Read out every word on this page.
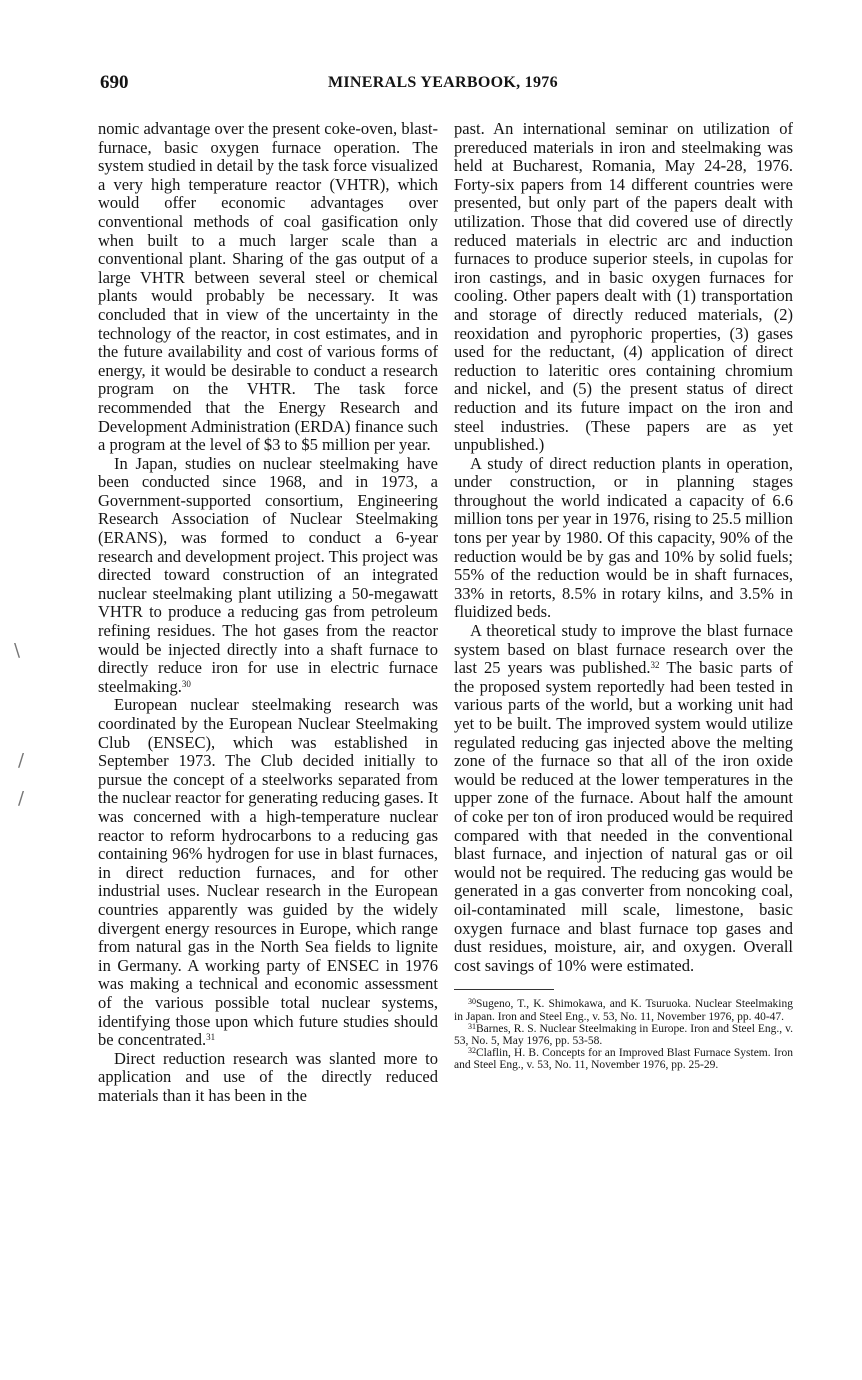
690	MINERALS YEARBOOK, 1976
\
/
/

nomic advantage over the present coke-oven, blast-furnace, basic oxygen furnace operation. The system studied in detail by the task force visualized a very high temperature reactor (VHTR), which would offer economic advantages over conventional methods of coal gasification only when built to a much larger scale than a conventional plant. Sharing of the gas output of a large VHTR between several steel or chemical plants would probably be necessary. It was concluded that in view of the uncertainty in the technology of the reactor, in cost estimates, and in the future availability and cost of various forms of energy, it would be desirable to conduct a research program on the VHTR. The task force recommended that the Energy Research and Development Administration (ERDA) finance such a program at the level of $3 to $5 million per year.

In Japan, studies on nuclear steelmaking have been conducted since 1968, and in 1973, a Government-supported consortium, Engineering Research Association of Nuclear Steelmaking (ERANS), was formed to conduct a 6-year research and development project. This project was directed toward construction of an integrated nuclear steelmaking plant utilizing a 50-megawatt VHTR to produce a reducing gas from petroleum refining residues. The hot gases from the reactor would be injected directly into a shaft furnace to directly reduce iron for use in electric furnace steelmaking.$^{30}$

European nuclear steelmaking research was coordinated by the European Nuclear Steelmaking Club (ENSEC), which was established in September 1973. The Club decided initially to pursue the concept of a steelworks separated from the nuclear reactor for generating reducing gases. It was concerned with a high-temperature nuclear reactor to reform hydrocarbons to a reducing gas containing 96% hydrogen for use in blast furnaces, in direct reduction furnaces, and for other industrial uses. Nuclear research in the European countries apparently was guided by the widely divergent energy resources in Europe, which range from natural gas in the North Sea fields to lignite in Germany. A working party of ENSEC in 1976 was making a technical and economic assessment of the various possible total nuclear systems, identifying those upon which future studies should be concentrated.$^{31}$

Direct reduction research was slanted more to application and use of the directly reduced materials than it has been in the

past. An international seminar on utilization of prereduced materials in iron and steelmaking was held at Bucharest, Romania, May 24-28, 1976. Forty-six papers from 14 different countries were presented, but only part of the papers dealt with utilization. Those that did covered use of directly reduced materials in electric arc and induction furnaces to produce superior steels, in cupolas for iron castings, and in basic oxygen furnaces for cooling. Other papers dealt with (1) transportation and storage of directly reduced materials, (2) reoxidation and pyrophoric properties, (3) gases used for the reductant, (4) application of direct reduction to lateritic ores containing chromium and nickel, and (5) the present status of direct reduction and its future impact on the iron and steel industries. (These papers are as yet unpublished.)

A study of direct reduction plants in operation, under construction, or in planning stages throughout the world indicated a capacity of 6.6 million tons per year in 1976, rising to 25.5 million tons per year by 1980. Of this capacity, 90% of the reduction would be by gas and 10% by solid fuels; 55% of the reduction would be in shaft furnaces, 33% in retorts, 8.5% in rotary kilns, and 3.5% in fluidized beds.

A theoretical study to improve the blast furnace system based on blast furnace research over the last 25 years was published.$^{32}$ The basic parts of the proposed system reportedly had been tested in various parts of the world, but a working unit had yet to be built. The improved system would utilize regulated reducing gas injected above the melting zone of the furnace so that all of the iron oxide would be reduced at the lower temperatures in the upper zone of the furnace. About half the amount of coke per ton of iron produced would be required compared with that needed in the conventional blast furnace, and injection of natural gas or oil would not be required. The reducing gas would be generated in a gas converter from noncoking coal, oil-contaminated mill scale, limestone, basic oxygen furnace and blast furnace top gases and dust residues, moisture, air, and oxygen. Overall cost savings of 10% were estimated.

$^{30}$Sugeno, T., K. Shimokawa, and K. Tsuruoka. Nuclear Steelmaking in Japan. Iron and Steel Eng., v. 53, No. 11, November 1976, pp. 40-47.

$^{31}$Barnes, R. S. Nuclear Steelmaking in Europe. Iron and Steel Eng., v. 53, No. 5, May 1976, pp. 53-58.

$^{32}$Claflin, H. B. Concepts for an Improved Blast Furnace System. Iron and Steel Eng., v. 53, No. 11, November 1976, pp. 25-29.
